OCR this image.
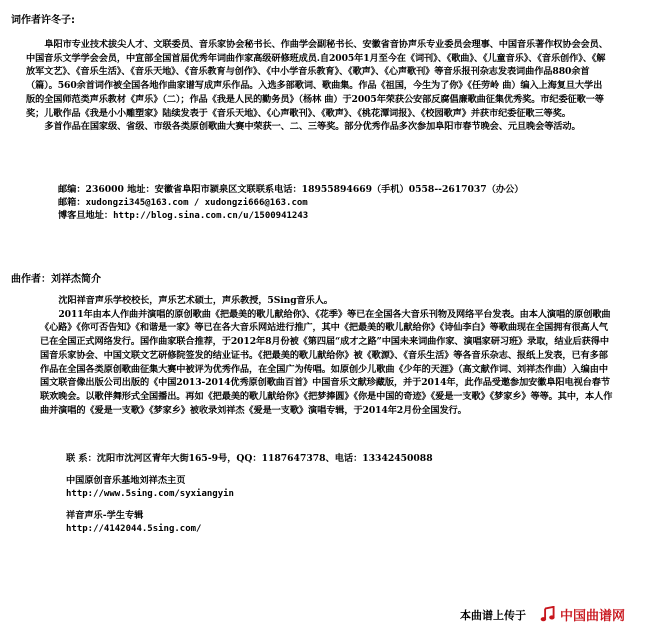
词作者许冬子:

阜阳市专业技术拔尖人才、文联委员、音乐家协会秘书长、作曲学会副秘书长、安徽省音协声乐专业委员会理事、中国音乐著作权协会会员、中国音乐文学学会会员，中宣部全国首届优秀年词曲作家高级研修班成员.自2005年1月至今在《词刊》、《歌曲》、《儿童音乐》、《音乐创作》、《解放军文艺》、《音乐生活》、《音乐天地》、《音乐教育与创作》、《中小学音乐教育》、《歌声》、《心声歌刊》等音乐报刊杂志发表词曲作品880余首（篇）。560余首词作被全国各地作曲家谱写成声乐作品。入选多部歌词、歌曲集。作品《祖国，今生为了你》《任劳岭 曲）编入上海复旦大学出版的全国师范类声乐教材《声乐》（二）；作品《我是人民的勤务员》（杨林 曲）于2005年荣获公安部反腐倡廉歌曲征集优秀奖。市纪委征歌一等奖；儿歌作品《我是小小雕塑家》陆续发表于《音乐天地》、《心声歌刊》、《歌声》、《桃花潭词报》、《校园歌声》并获市纪委征歌三等奖。

多首作品在国家级、省级、市级各类原创歌曲大赛中荣获一、二、三等奖。部分优秀作品多次参加阜阳市春节晚会、元旦晚会等活动。

邮编：236000 地址：安徽省阜阳市颍泉区文联联系电话：18955894669（手机）0558--2617037（办公）
邮箱：xudongzi345@163.com / xudongzi666@163.com
博客旦地址：http://blog.sina.com.cn/u/1500941243
曲作者：刘祥杰简介

沈阳祥音声乐学校校长，声乐艺术硕士，声乐教授，5Sing音乐人。

2011年由本人作曲并演唱的原创歌曲《把最美的歌儿献给你》、《花季》等已在全国各大音乐刊物及网络平台发表。由本人演唱的原创歌曲《心路》《你可否告知》《和谐是一家》等已在各大音乐网站进行推广，其中《把最美的歌儿献给你》《诗仙李白》等歌曲现在全国拥有很高人气已在全国正式网络发行。国作曲家联合推荐，于2012年8月份被《第四届“成才之路”中国未来词曲作家、演唱家研习班》录取，结业后获得中国音乐家协会、中国文联文艺研修院签发的结业证书。《把最美的歌儿献给你》被《歌源》、《音乐生活》等各音乐杂志、报纸上发表，已有多部作品在全国各类原创歌曲征集大赛中被评为优秀作品，在全国广为传唱。如原创少儿歌曲《少年的天涯》（高文献作词、刘祥杰作曲）入编由中国文联音像出版公司出版的《中国2013-2014优秀原创歌曲百首》中国音乐文献珍藏版，并于2014年，此作品受邀参加安徽阜阳电视台春节联欢晚会。以歌伴舞形式全国播出。再如《把最美的歌儿献给你》《把梦捧圆》《你是中国的奇迹》《爱是一支歌》《梦家乡》等等。其中，本人作曲并演唱的《爱是一支歌》《梦家乡》被收录刘祥杰《爱是一支歌》演唱专辑，于2014年2月份全国发行。

联 系：沈阳市沈河区青年大街165-9号，QQ：1187647378、电话：13342450088
中国原创音乐基地刘祥杰主页
http://www.5sing.com/syxiangyin
祥音声乐-学生专辑
http://4142044.5sing.com/
本曲谱上传于	中国曲谱网
